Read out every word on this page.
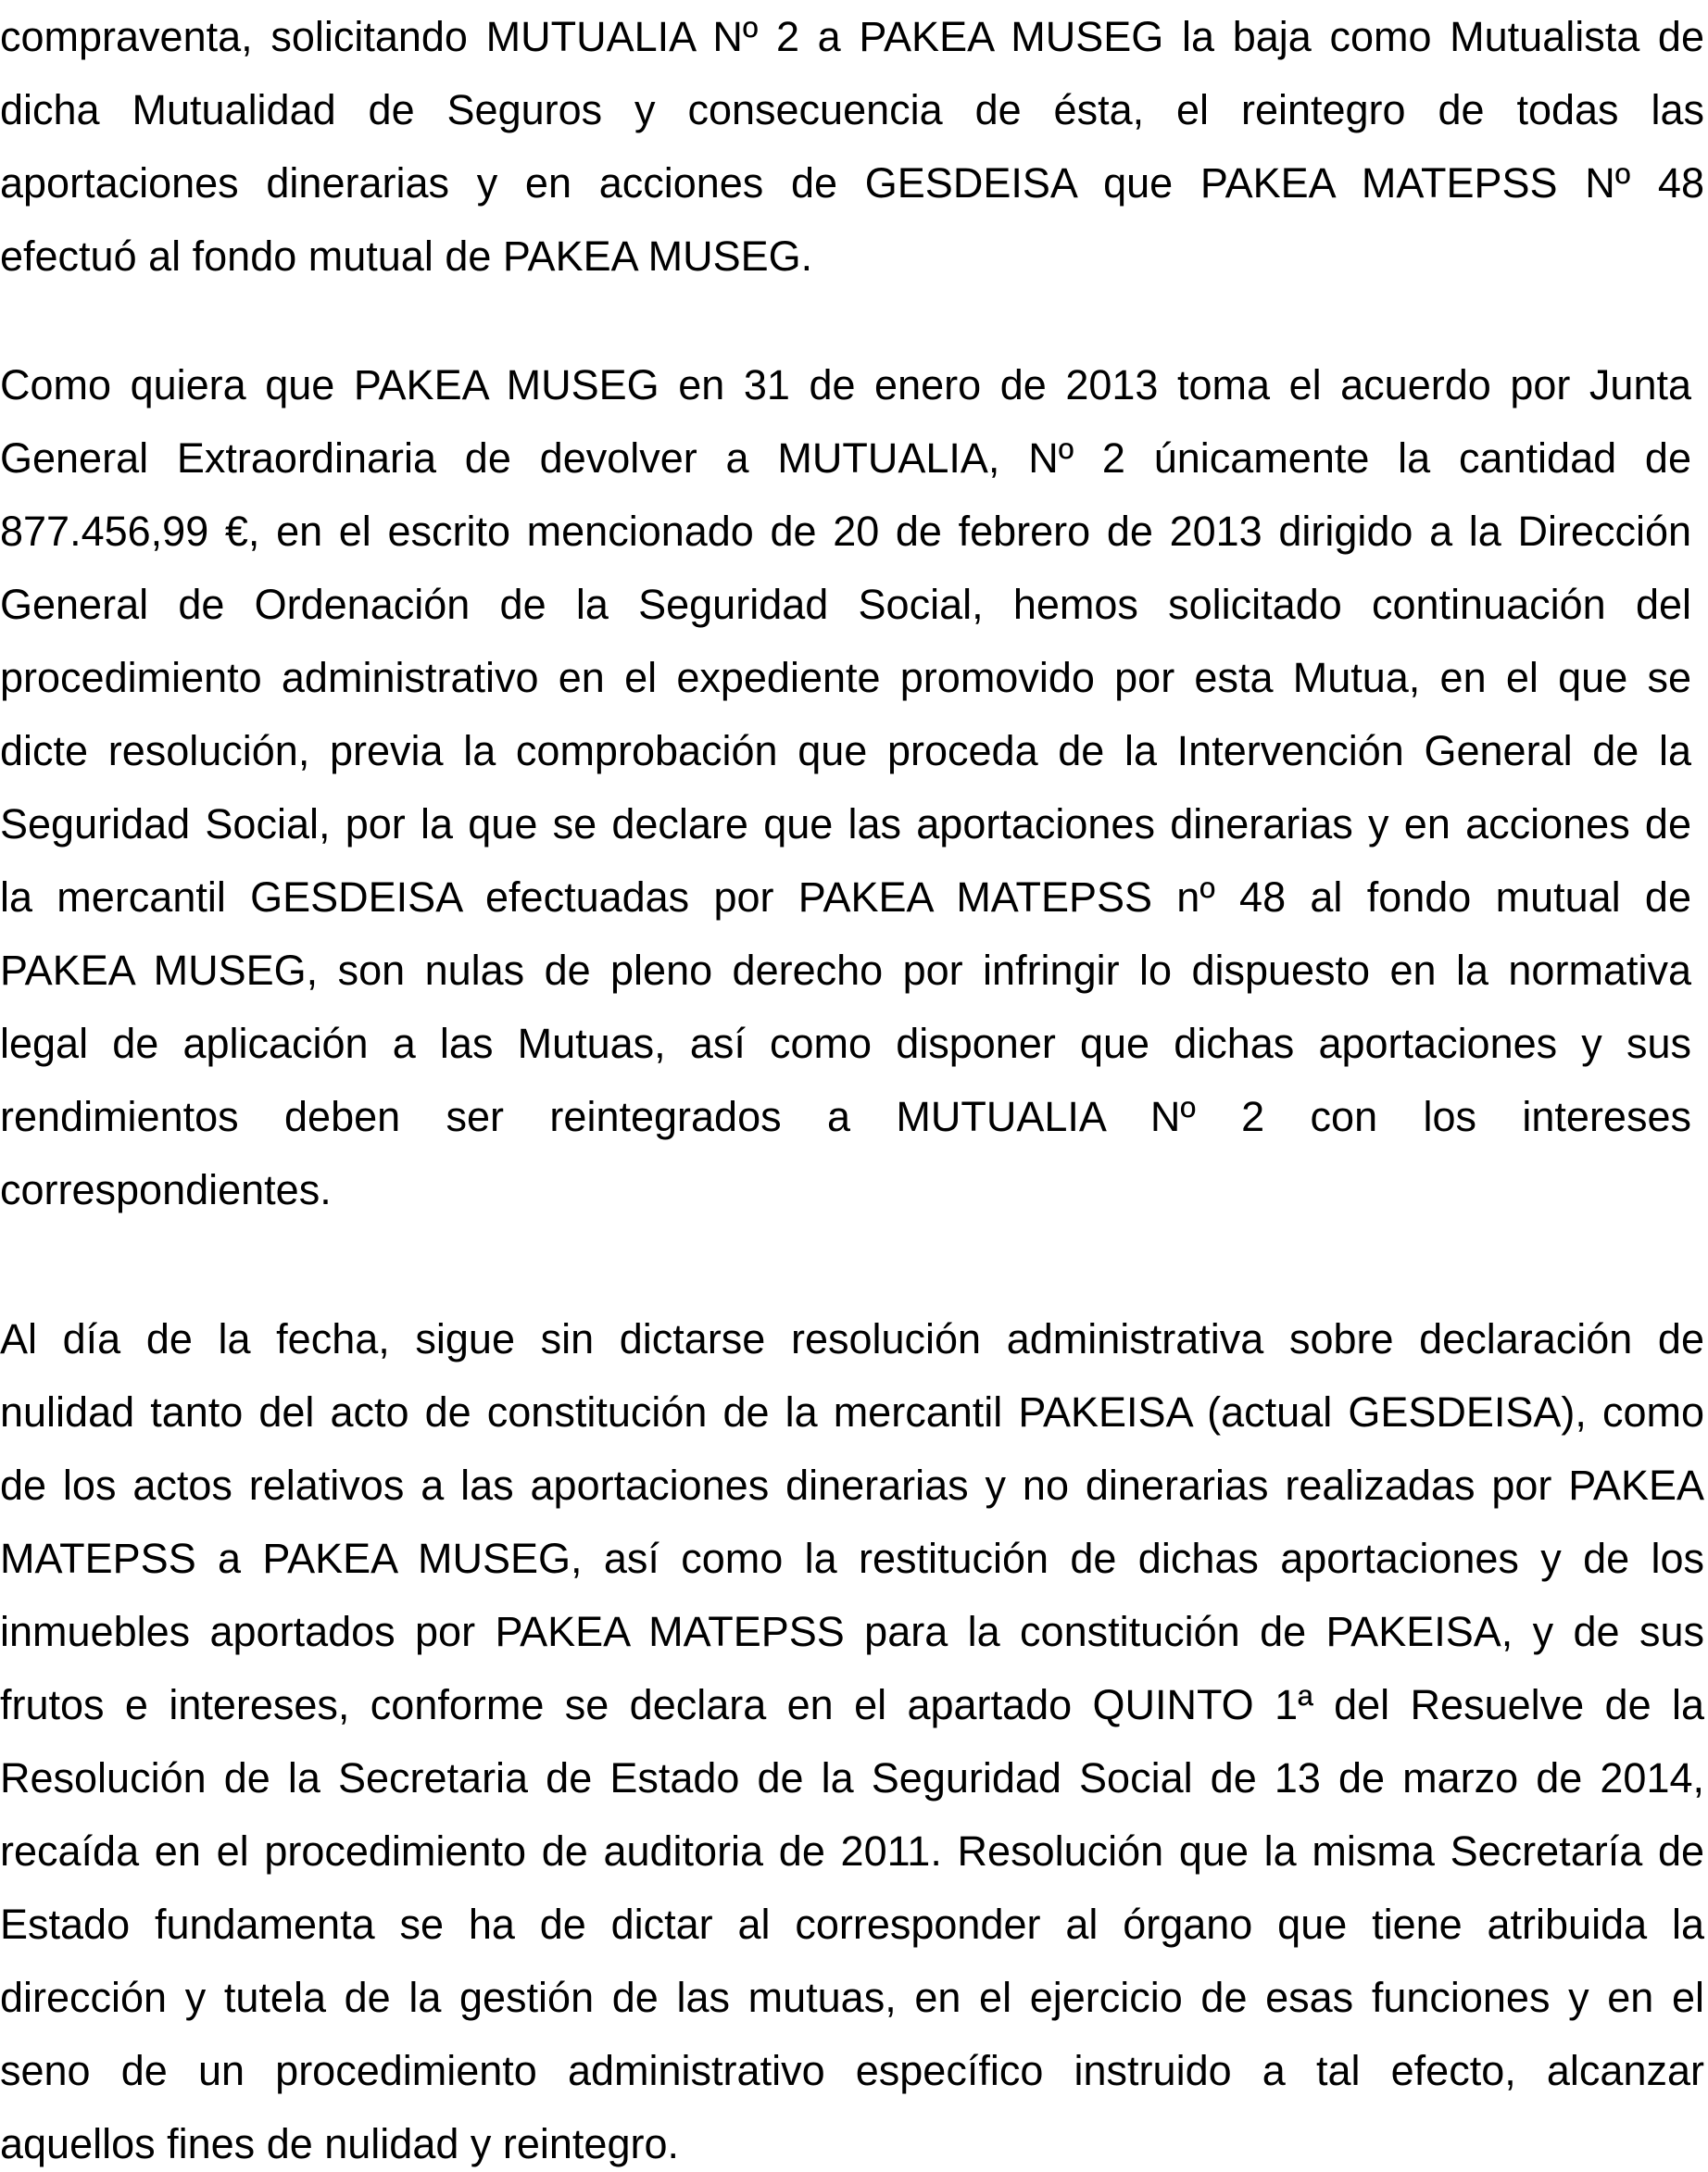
compraventa, solicitando MUTUALIA Nº 2 a PAKEA MUSEG la baja como Mutualista de
dicha Mutualidad de Seguros y consecuencia de ésta, el reintegro de todas las
aportaciones dinerarias y en acciones de GESDEISA que PAKEA MATEPSS Nº 48
efectuó al fondo mutual de PAKEA MUSEG.
Como quiera que PAKEA MUSEG en 31 de enero de 2013 toma el acuerdo por Junta
General Extraordinaria de devolver a MUTUALIA, Nº 2 únicamente la cantidad de
877.456,99 €, en el escrito mencionado de 20 de febrero de 2013 dirigido a la Dirección
General de Ordenación de la Seguridad Social, hemos solicitado continuación del
procedimiento administrativo en el expediente promovido por esta Mutua, en el que se
dicte resolución, previa la comprobación que proceda de la Intervención General de la
Seguridad Social, por la que se declare que las aportaciones dinerarias y en acciones de
la mercantil GESDEISA efectuadas por PAKEA MATEPSS nº 48 al fondo mutual de
PAKEA MUSEG, son nulas de pleno derecho por infringir lo dispuesto en la normativa
legal de aplicación a las Mutuas, así como disponer que dichas aportaciones y sus
rendimientos deben ser reintegrados a MUTUALIA Nº 2 con los intereses
correspondientes.
Al día de la fecha, sigue sin dictarse resolución administrativa sobre declaración de
nulidad tanto del acto de constitución de la mercantil PAKEISA (actual GESDEISA), como
de los actos relativos a las aportaciones dinerarias y no dinerarias realizadas por PAKEA
MATEPSS a PAKEA MUSEG, así como la restitución de dichas aportaciones y de los
inmuebles aportados por PAKEA MATEPSS para la constitución de PAKEISA, y de sus
frutos e intereses, conforme se declara en el apartado QUINTO 1ª del Resuelve de la
Resolución de la Secretaria de Estado de la Seguridad Social de 13 de marzo de 2014,
recaída en el procedimiento de auditoria de 2011. Resolución que la misma Secretaría de
Estado fundamenta se ha de dictar al corresponder al órgano que tiene atribuida la
dirección y tutela de la gestión de las mutuas, en el ejercicio de esas funciones y en el
seno de un procedimiento administrativo específico instruido a tal efecto, alcanzar
aquellos fines de nulidad y reintegro.
